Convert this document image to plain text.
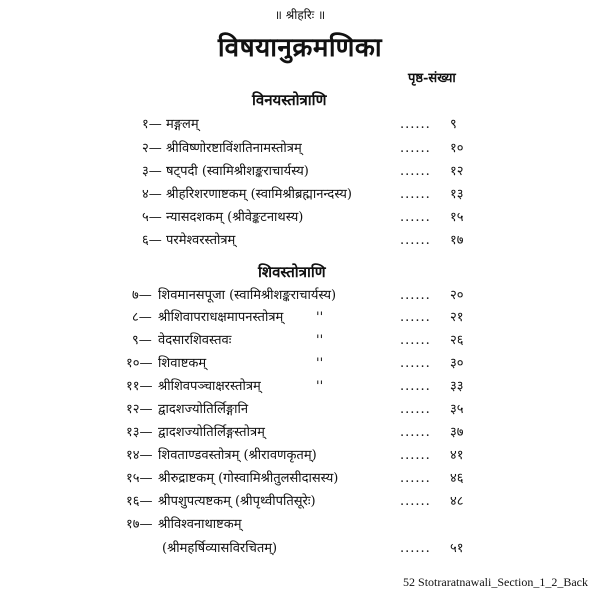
॥ श्रीहरिः ॥
विषयानुक्रमणिका
पृष्ठ-संख्या
विनयस्तोत्राणि
१— मङ्गलम्	...... ९
२— श्रीविष्णोरष्टाविंशतिनामस्तोत्रम्	...... १०
३— षट्पदी (स्वामिश्रीशङ्कराचार्यस्य)	...... १२
४— श्रीहरिशरणाष्टकम् (स्वामिश्रीब्रह्मानन्दस्य)	...... १३
५— न्यासदशकम् (श्रीवेङ्कटनाथस्य)	...... १५
६— परमेश्वरस्तोत्रम्	...... १७
शिवस्तोत्राणि
७— शिवमानसपूजा (स्वामिश्रीशङ्कराचार्यस्य)	...... २०
८— श्रीशिवापराधक्षमापनस्तोत्रम्	''	...... २१
९— वेदसारशिवस्तवः	''	...... २६
१०— शिवाष्टकम्	''	...... ३०
११— श्रीशिवपञ्चाक्षरस्तोत्रम्	''	...... ३३
१२— द्वादशज्योतिर्लिङ्गानि	...... ३५
१३— द्वादशज्योतिर्लिङ्गस्तोत्रम्	...... ३७
१४— शिवताण्डवस्तोत्रम् (श्रीरावणकृतम्)	...... ४१
१५— श्रीरुद्राष्टकम् (गोस्वामिश्रीतुलसीदासस्य)	...... ४६
१६— श्रीपशुपत्यष्टकम् (श्रीपृथ्वीपतिसूरेः)	...... ४८
१७— श्रीविश्वनाथाष्टकम्
(श्रीमहर्षिव्यासविरचितम्)	...... ५१
52 Stotraratnawali_Section_1_2_Back
